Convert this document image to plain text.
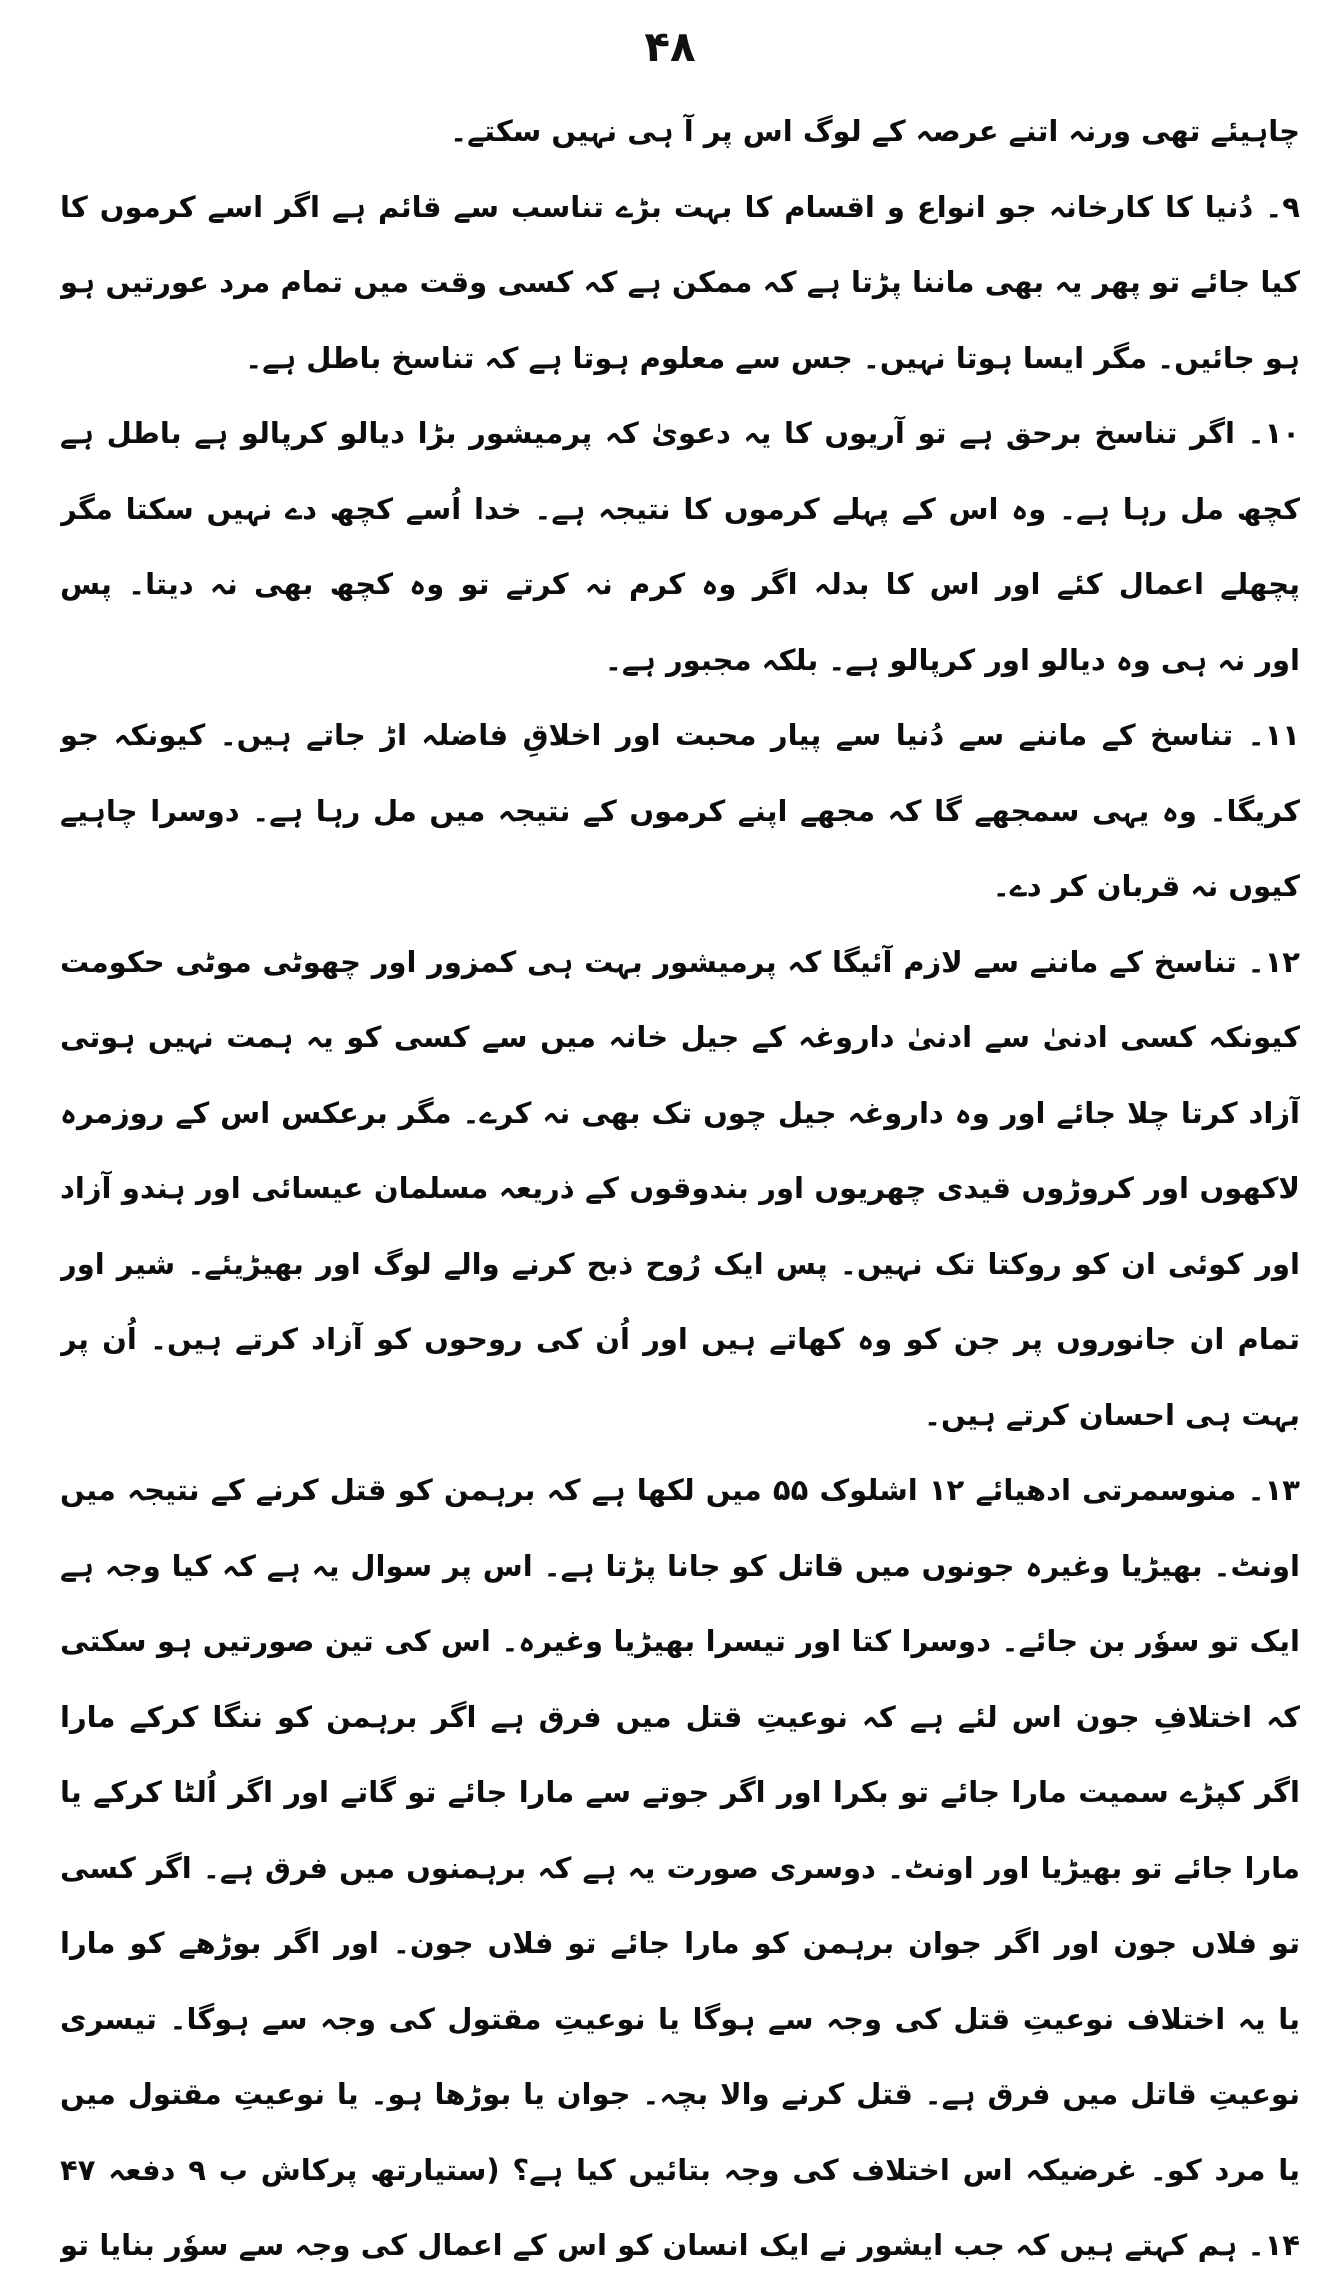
۴۸
چاہیئے تھی ورنہ اتنے عرصہ کے لوگ اس پر آ ہی نہیں سکتے۔
۹۔ دُنیا کا کارخانہ جو انواع و اقسام کا بہت بڑے تناسب سے قائم ہے اگر اسے کرموں کا
کیا جائے تو پھر یہ بھی ماننا پڑتا ہے کہ ممکن ہے کہ کسی وقت میں تمام مرد عورتیں ہو
ہو جائیں۔ مگر ایسا ہوتا نہیں۔ جس سے معلوم ہوتا ہے کہ تناسخ باطل ہے۔
۱۰۔ اگر تناسخ برحق ہے تو آریوں کا یہ دعویٰ کہ پرمیشور بڑا دیالو کرپالو ہے باطل ہے
کچھ مل رہا ہے۔ وہ اس کے پہلے کرموں کا نتیجہ ہے۔ خدا اُسے کچھ دے نہیں سکتا مگر
پچھلے اعمال کئے اور اس کا بدلہ اگر وہ کرم نہ کرتے تو وہ کچھ بھی نہ دیتا۔ پس
اور نہ ہی وہ دیالو اور کرپالو ہے۔ بلکہ مجبور ہے۔
۱۱۔ تناسخ کے ماننے سے دُنیا سے پیار محبت اور اخلاقِ فاضلہ اڑ جاتے ہیں۔ کیونکہ جو
کریگا۔ وہ یہی سمجھے گا کہ مجھے اپنے کرموں کے نتیجہ میں مل رہا ہے۔ دوسرا چاہیے
کیوں نہ قربان کر دے۔
۱۲۔ تناسخ کے ماننے سے لازم آئیگا کہ پرمیشور بہت ہی کمزور اور چھوٹی موٹی حکومت
کیونکہ کسی ادنیٰ سے ادنیٰ داروغہ کے جیل خانہ میں سے کسی کو یہ ہمت نہیں ہوتی
آزاد کرتا چلا جائے اور وہ داروغہ جیل چوں تک بھی نہ کرے۔ مگر برعکس اس کے روزمرہ
لاکھوں اور کروڑوں قیدی چھریوں اور بندوقوں کے ذریعہ مسلمان عیسائی اور ہندو آزاد
اور کوئی ان کو روکتا تک نہیں۔ پس ایک رُوح ذبح کرنے والے لوگ اور بھیڑیئے۔ شیر اور
تمام ان جانوروں پر جن کو وہ کھاتے ہیں اور اُن کی روحوں کو آزاد کرتے ہیں۔ اُن پر
بہت ہی احسان کرتے ہیں۔
۱۳۔ منوسمرتی ادھیائے ۱۲ اشلوک ۵۵ میں لکھا ہے کہ برہمن کو قتل کرنے کے نتیجہ میں
اونٹ۔ بھیڑیا وغیرہ جونوں میں قاتل کو جانا پڑتا ہے۔ اس پر سوال یہ ہے کہ کیا وجہ ہے
ایک تو سوٗر بن جائے۔ دوسرا کتا اور تیسرا بھیڑیا وغیرہ۔ اس کی تین صورتیں ہو سکتی
کہ اختلافِ جون اس لئے ہے کہ نوعیتِ قتل میں فرق ہے اگر برہمن کو ننگا کرکے مارا
اگر کپڑے سمیت مارا جائے تو بکرا اور اگر جوتے سے مارا جائے تو گاتے اور اگر اُلٹا کرکے یا
مارا جائے تو بھیڑیا اور اونٹ۔ دوسری صورت یہ ہے کہ برہمنوں میں فرق ہے۔ اگر کسی
تو فلاں جون اور اگر جوان برہمن کو مارا جائے تو فلاں جون۔ اور اگر بوڑھے کو مارا
یا یہ اختلاف نوعیتِ قتل کی وجہ سے ہوگا یا نوعیتِ مقتول کی وجہ سے ہوگا۔ تیسری
نوعیتِ قاتل میں فرق ہے۔ قتل کرنے والا بچہ۔ جوان یا بوڑھا ہو۔ یا نوعیتِ مقتول میں
یا مرد کو۔ غرضیکہ اس اختلاف کی وجہ بتائیں کیا ہے؟ (ستیارتھ پرکاش ب ۹ دفعہ ۴۷
۱۴۔ ہم کہتے ہیں کہ جب ایشور نے ایک انسان کو اس کے اعمال کی وجہ سے سوٗر بنایا تو
